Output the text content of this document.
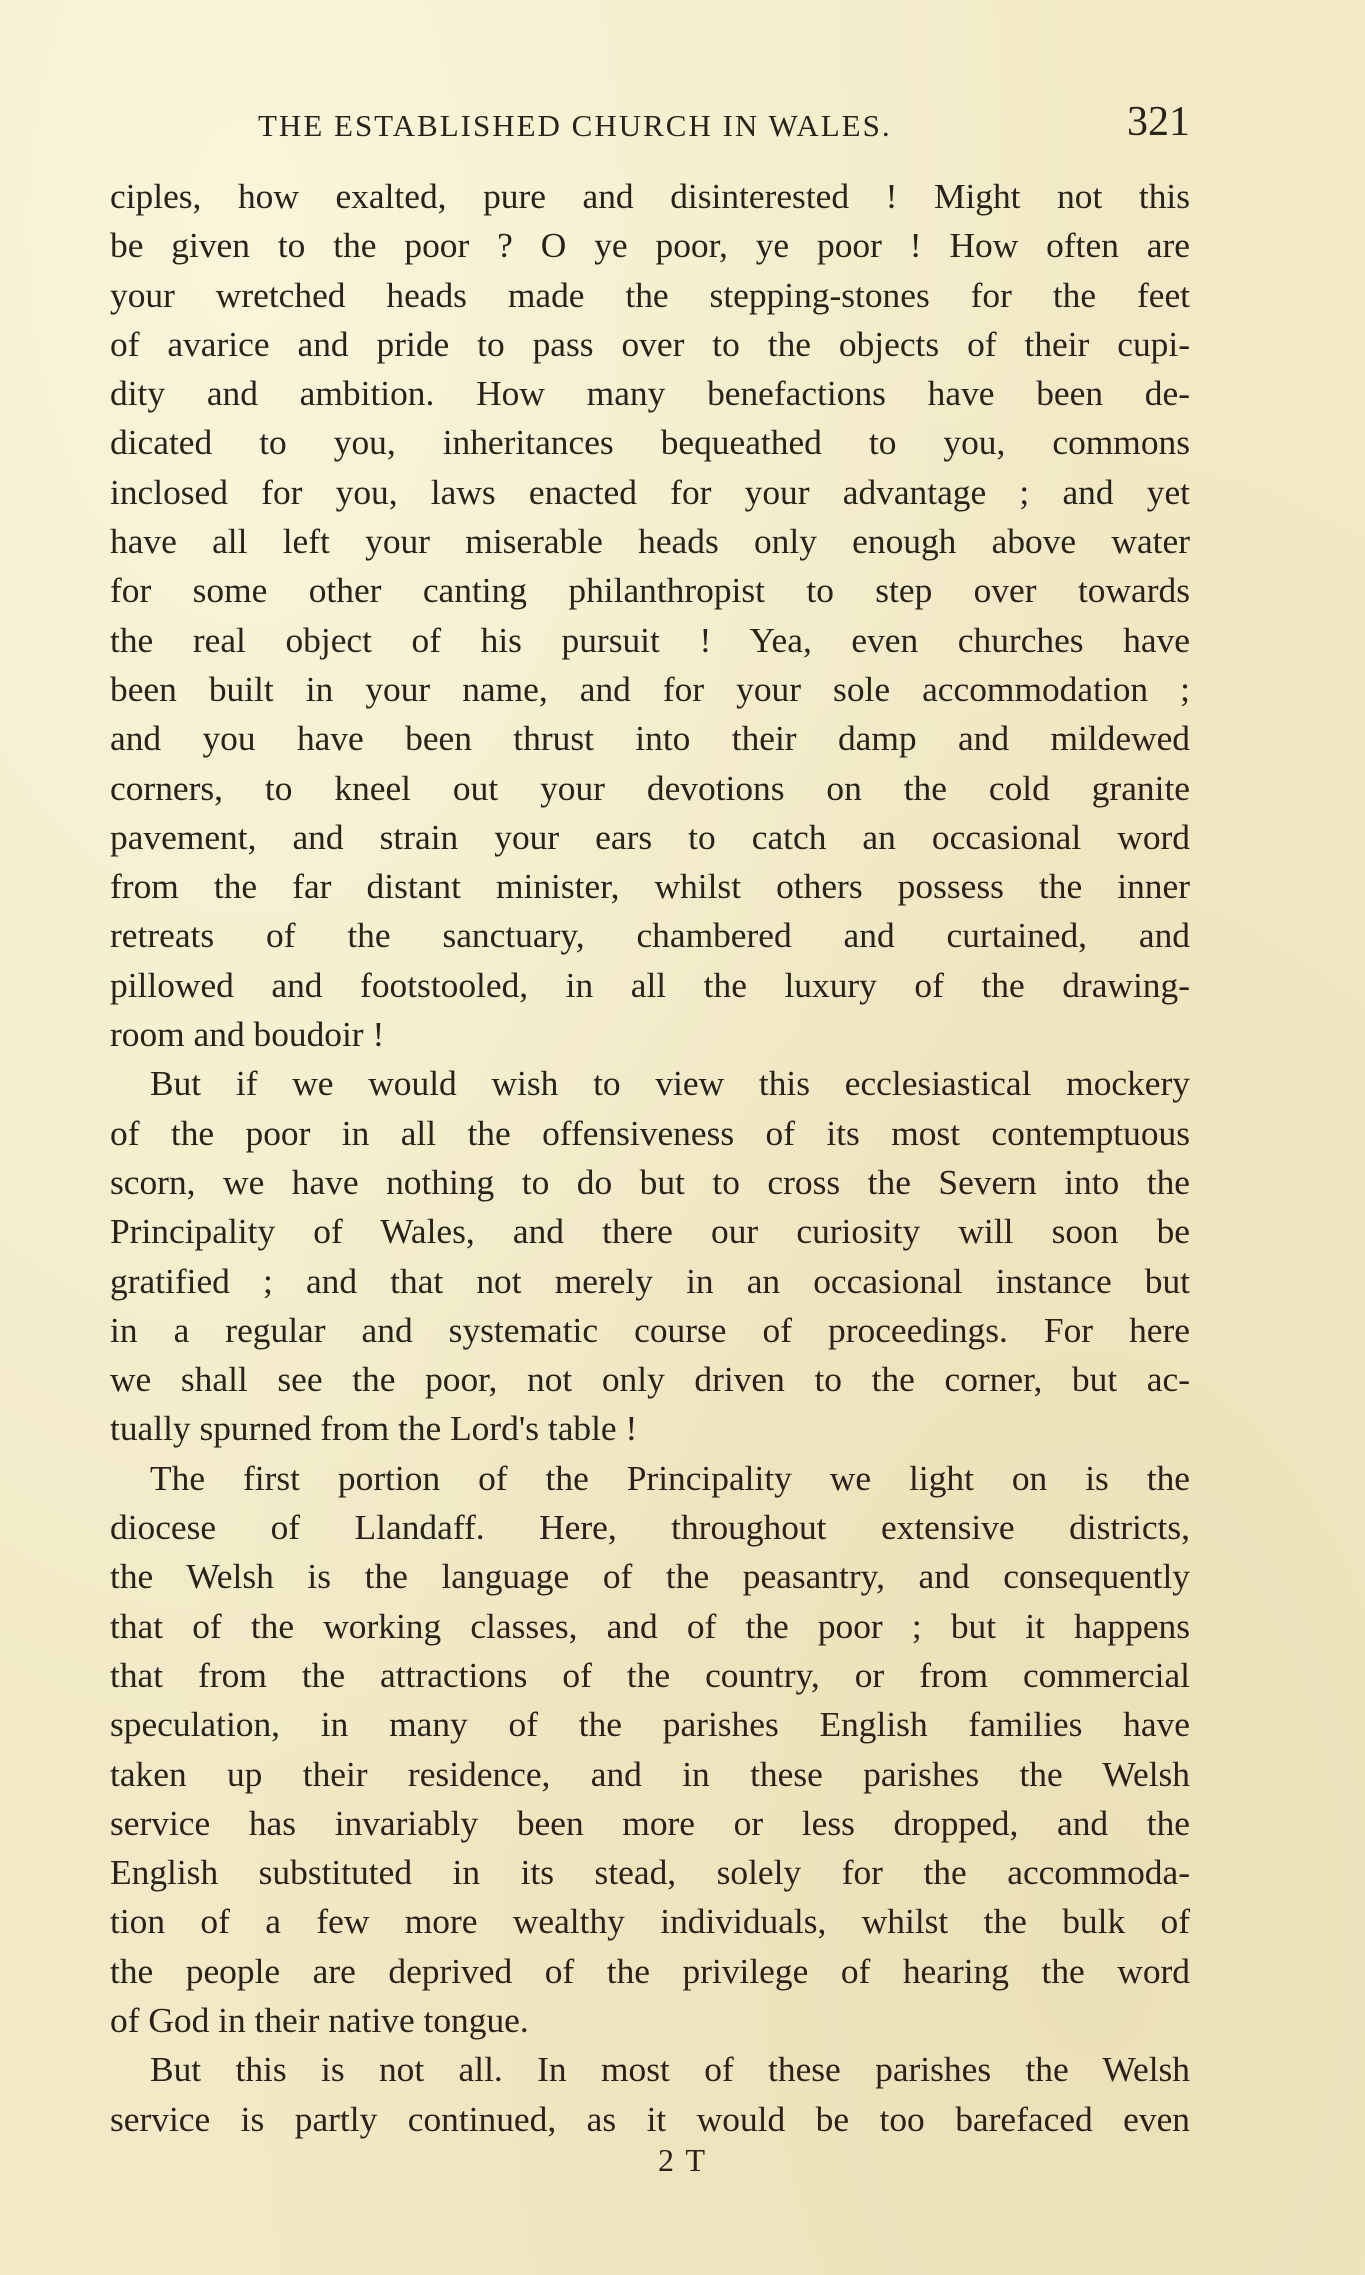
THE ESTABLISHED CHURCH IN WALES.	321
ciples, how exalted, pure and disinterested ! Might not this
be given to the poor ? O ye poor, ye poor ! How often are
your wretched heads made the stepping-stones for the feet
of avarice and pride to pass over to the objects of their cupi-
dity and ambition. How many benefactions have been de-
dicated to you, inheritances bequeathed to you, commons
inclosed for you, laws enacted for your advantage ; and yet
have all left your miserable heads only enough above water
for some other canting philanthropist to step over towards
the real object of his pursuit ! Yea, even churches have
been built in your name, and for your sole accommodation ;
and you have been thrust into their damp and mildewed
corners, to kneel out your devotions on the cold granite
pavement, and strain your ears to catch an occasional word
from the far distant minister, whilst others possess the inner
retreats of the sanctuary, chambered and curtained, and
pillowed and footstooled, in all the luxury of the drawing-
room and boudoir !
But if we would wish to view this ecclesiastical mockery
of the poor in all the offensiveness of its most contemptuous
scorn, we have nothing to do but to cross the Severn into the
Principality of Wales, and there our curiosity will soon be
gratified ; and that not merely in an occasional instance but
in a regular and systematic course of proceedings. For here
we shall see the poor, not only driven to the corner, but ac-
tually spurned from the Lord's table !
The first portion of the Principality we light on is the
diocese of Llandaff. Here, throughout extensive districts,
the Welsh is the language of the peasantry, and consequently
that of the working classes, and of the poor ; but it happens
that from the attractions of the country, or from commercial
speculation, in many of the parishes English families have
taken up their residence, and in these parishes the Welsh
service has invariably been more or less dropped, and the
English substituted in its stead, solely for the accommoda-
tion of a few more wealthy individuals, whilst the bulk of
the people are deprived of the privilege of hearing the word
of God in their native tongue.
But this is not all. In most of these parishes the Welsh
service is partly continued, as it would be too barefaced even
2 T
